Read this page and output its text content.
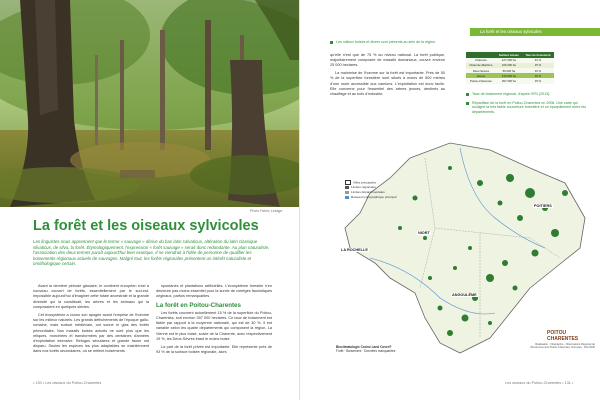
Photo Fabric Lesage
La forêt et les oiseaux sylvicoles
Les linguistes nous apprennent que le terme « sauvage » dérive du bas latin salvaticus, altération du latin classique silvaticus, de silva, la forêt. Étymologiquement, l'expression « forêt sauvage » serait donc redondante. Au plan naturaliste, l'association des deux termes paraît aujourd'hui bien exotique. Il ne viendrait à l'idée de personne de qualifier les boisements régionaux actuels de sauvages. Malgré tout, les forêts régionales présentent un intérêt naturaliste et ornithologique certain.

Avant la dernière période glaciaire, le continent européen s'est à nouveau couvert de forêts, essentiellement par le sud-est. Impossible aujourd'hui d'imaginer cette futaie ancestrale et la grande diversité qui la constituait, les arbres et les animaux qui la composaient en quelques siècles.

Cet écosystème a connu son apogée avant l'emprise de l'homme sur les milieux naturels. Les grands défrichements de l'époque gallo-romaine, mais surtout médiévale, ont sonné le glas des forêts primordiales. Nos massifs boisés actuels ne sont plus que les reliques, morcelées et transformées par des centaines d'années d'exploitation intensive. Refuges séculaires et grande faune ont disparu. Seules les espèces les plus adaptables se maintiennent dans nos forêts secondaires, où se mêlent boisements

spontanés et plantations artificielles. L'écosystème forestier n'en demeure pas moins essentiel pour la survie de cortèges faunistiques originaux, parfois remarquables.

La forêt en Poitou-Charentes

Les forêts couvrent actuellement 15 % de la superficie du Poitou-Charentes, soit environ 397 000 hectares. Ce taux de boisement est faible par rapport à la moyenne nationale, qui est de 30 %. Il est variable selon les quatre départements qui composent la région. La Vienne est le plus boisé, suivie de la Charente, avec respectivement 19 %, les Deux-Sèvres étant le moins boisé.

La part de la forêt privée est importante. Elle représente près de 93 % de la surface boisée régionale, alors

• 130 • Les oiseaux du Poitou-Charentes
La forêt et les oiseaux sylvicoles
Les milieux boisés et divers sont présents au sein de la région.

qu'elle n'est que de 75 % au niveau national. La forêt publique, majoritairement composée de massifs domaniaux, couvre environ 25 000 hectares.

La mainmise de l'homme sur la forêt est importante. Près de 50 % de la superficie forestière sont situés à moins de 500 mètres d'une route accessible aux camions. L'exploitation est donc facile. Elle concerne pour l'essentiel des arbres jeunes, destinés au chauffage et au bois d'industrie.

	Surface boisée	Taux de boisement
Charente	127 000 ha	21 %
Charente-Maritime	106 000 ha	15 %
Deux-Sèvres	59 000 ha	10 %
Vienne	133 000 ha	19 %
Poitou-Charentes	397 000 ha	15 %
Taux de boisement régional, d'après l'IFN (2013).
Répartition de la forêt en Poitou-Charentes en 2006. Une carte qui souligne la très faible couverture forestière et un éparpillement entre les départements.
Villes principales
Limites régionales
Limites départementales
Réseau hydrographique principal
POITIERS
NIORT
LA ROCHELLE
ANGOULÊME
Bioclimatologie Corine Land Cover®
Forêt · Boisement · Données manquantes
POITOU CHARENTES
Réalisation : Infographie - Observatoire Régional de l'Environnement Poitou-Charentes. Données : IGN 2006
Les oiseaux du Poitou-Charentes • 131 •
